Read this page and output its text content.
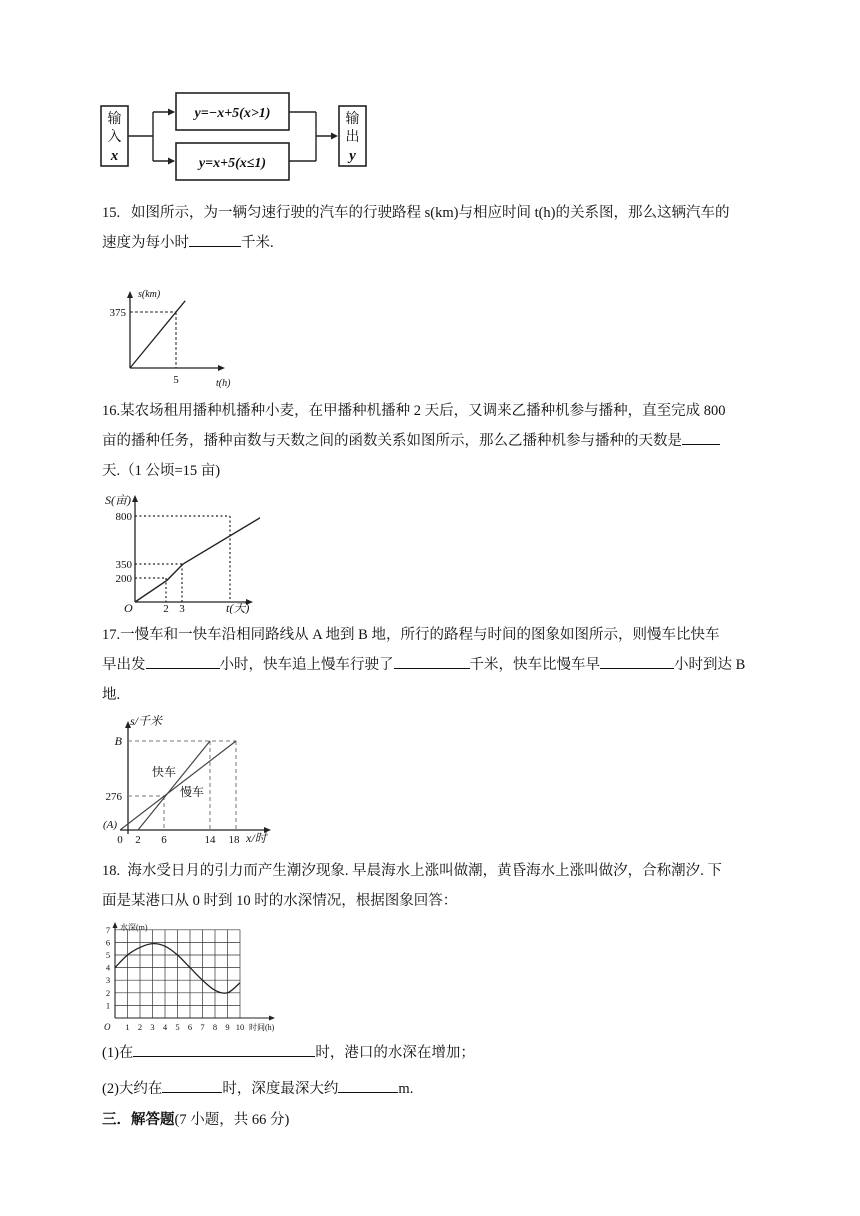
输
入
x
y=−x+5(x>1)
y=x+5(x≤1)
输
出
y

15. 如图所示，为一辆匀速行驶的汽车的行驶路程 s(km)与相应时间 t(h)的关系图，那么这辆汽车的

速度为每小时	千米.

s(km)
t(h)
375
5

16.某农场租用播种机播种小麦，在甲播种机播种 2 天后，又调来乙播种机参与播种，直至完成 800

亩的播种任务，播种亩数与天数之间的函数关系如图所示，那么乙播种机参与播种的天数是

天.（1 公顷=15 亩)

S(亩)
t(天)
O
800
350
200
2 3

17.一慢车和一快车沿相同路线从 A 地到 B 地，所行的路程与时间的图象如图所示，则慢车比快车

早出发	小时，快车追上慢车行驶了	千米，快车比慢车早	小时到达 B

地.

s/千米
x/时
B
276
(A)
0 2 6	14 18
快车
慢车

18. 海水受日月的引力而产生潮汐现象. 早晨海水上涨叫做潮，黄昏海水上涨叫做汐，合称潮汐. 下

面是某港口从 0 时到 10 时的水深情况，根据图象回答：

水深(m)
时间(h)
O
1
2
3
4
5
6
7
1 2 3 4 5 6 7 8 9 10

(1)在	时，港口的水深在增加；

(2)大约在	时，深度最深大约	m.

三．解答题(7 小题，共 66 分)
